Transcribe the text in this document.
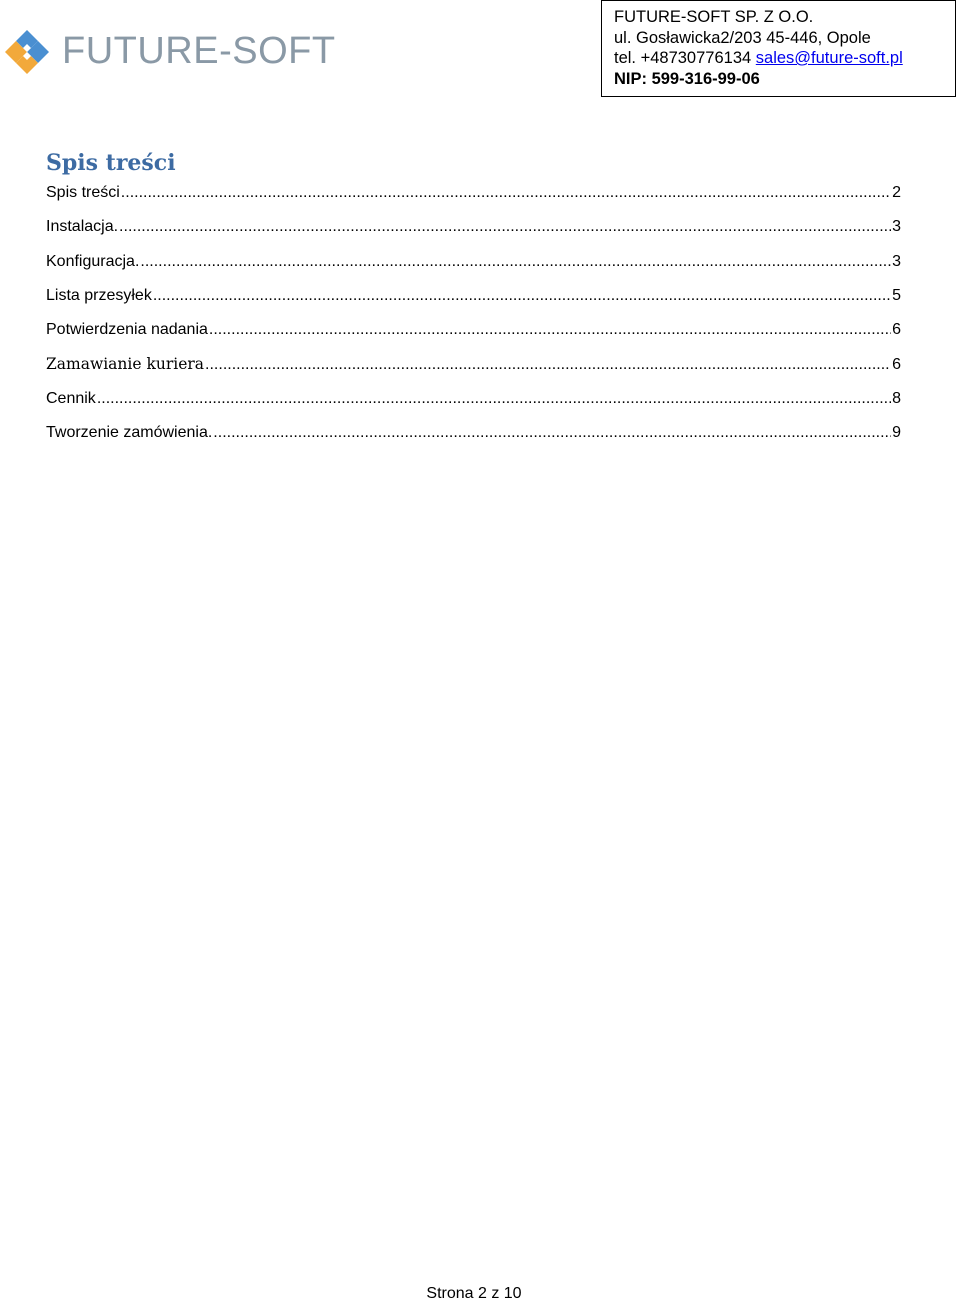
FUTURE-SOFT
FUTURE-SOFT SP. Z O.O.
ul. Gosławicka2/203 45-446, Opole
tel. +48730776134 sales@future-soft.pl
NIP: 599-316-99-06
Spis treści
Spis treści .....	2
Instalacja. .....	3
Konfiguracja. .....	3
Lista przesyłek .....	5
Potwierdzenia nadania .....	6
Zamawianie kuriera .....	6
Cennik .....	8
Tworzenie zamówienia. .....	9
Strona 2 z 10
